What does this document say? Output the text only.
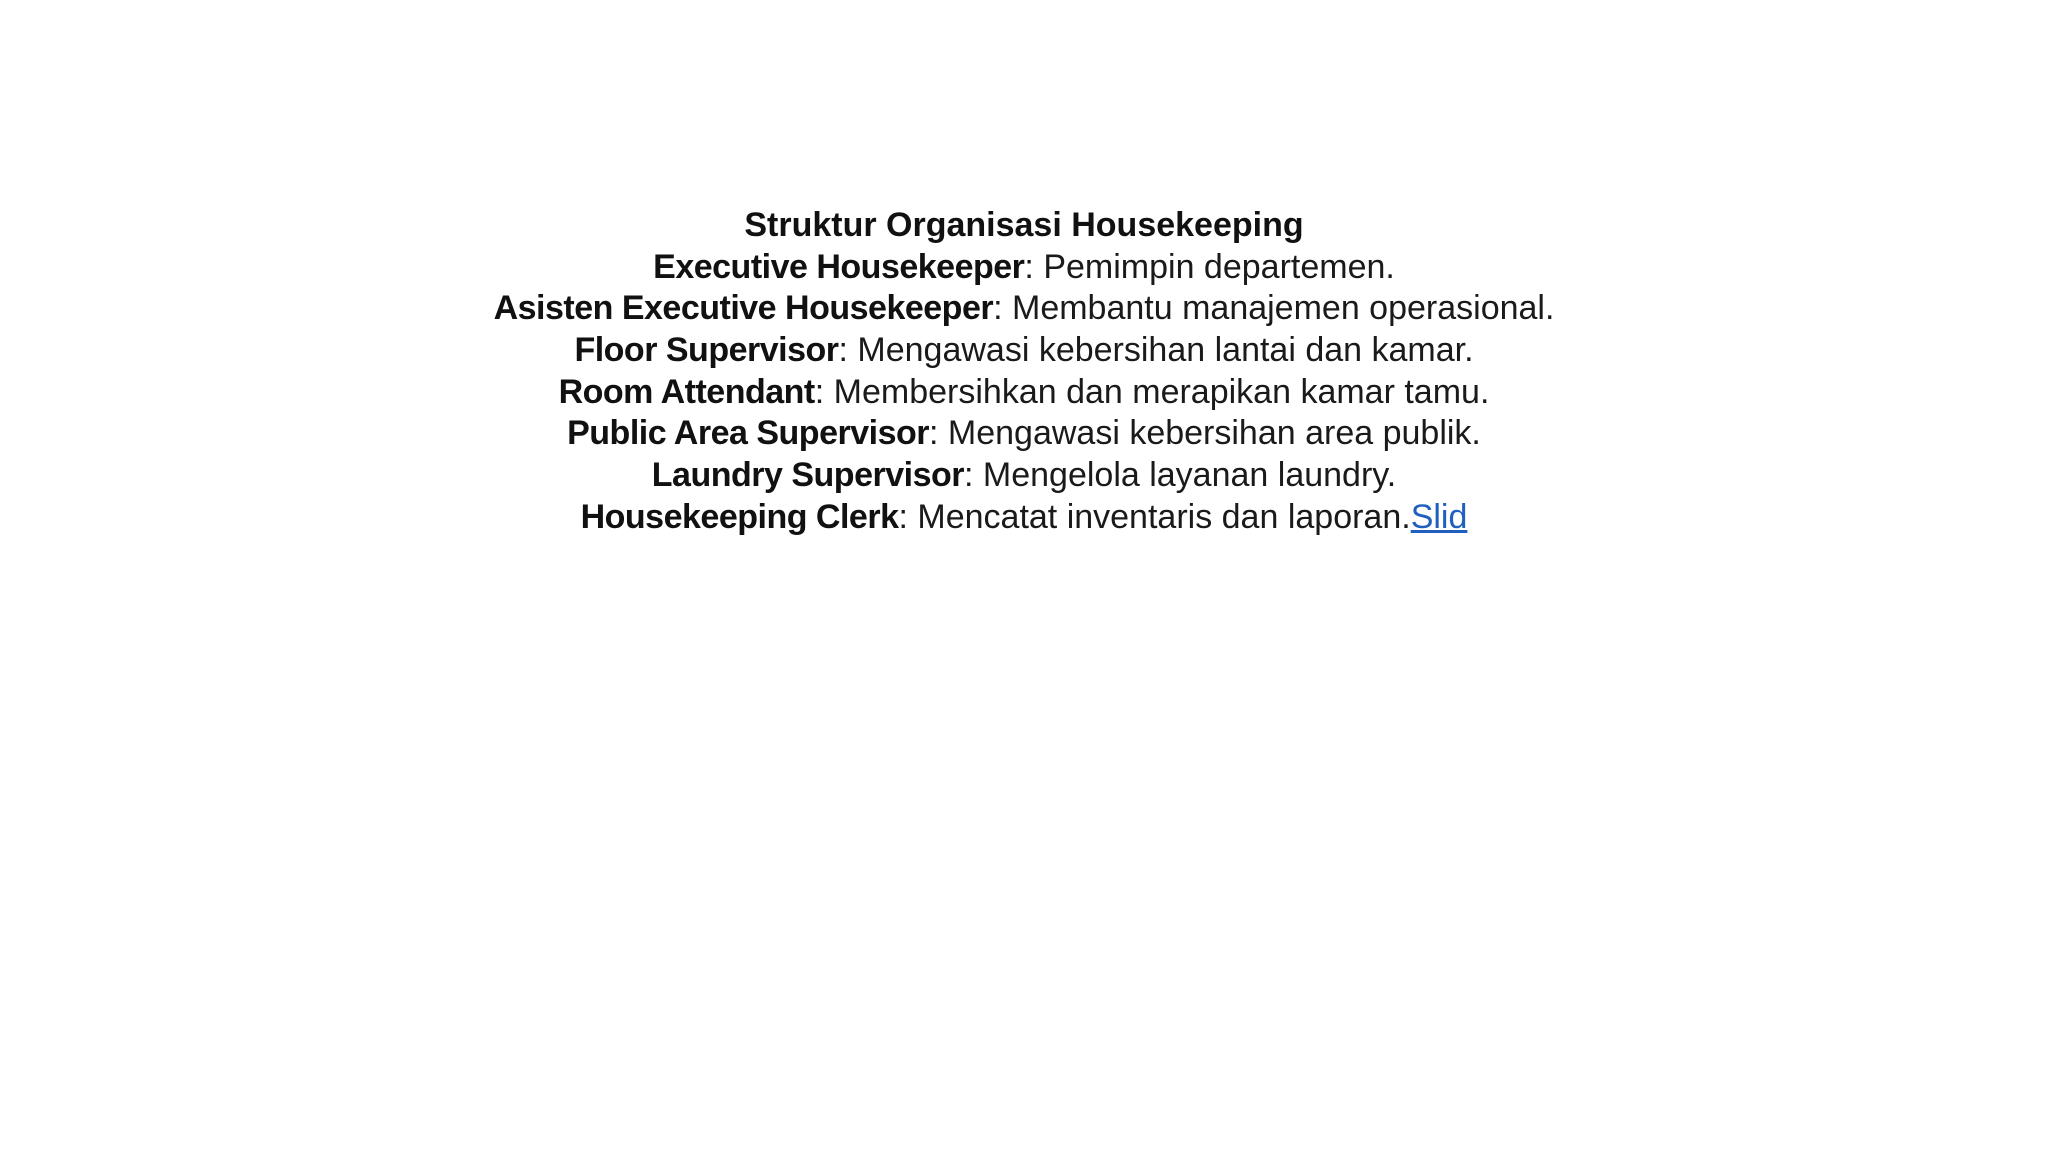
Struktur Organisasi Housekeeping
Executive Housekeeper: Pemimpin departemen.
Asisten Executive Housekeeper: Membantu manajemen operasional.
Floor Supervisor: Mengawasi kebersihan lantai dan kamar.
Room Attendant: Membersihkan dan merapikan kamar tamu.
Public Area Supervisor: Mengawasi kebersihan area publik.
Laundry Supervisor: Mengelola layanan laundry.
Housekeeping Clerk: Mencatat inventaris dan laporan.Slid
